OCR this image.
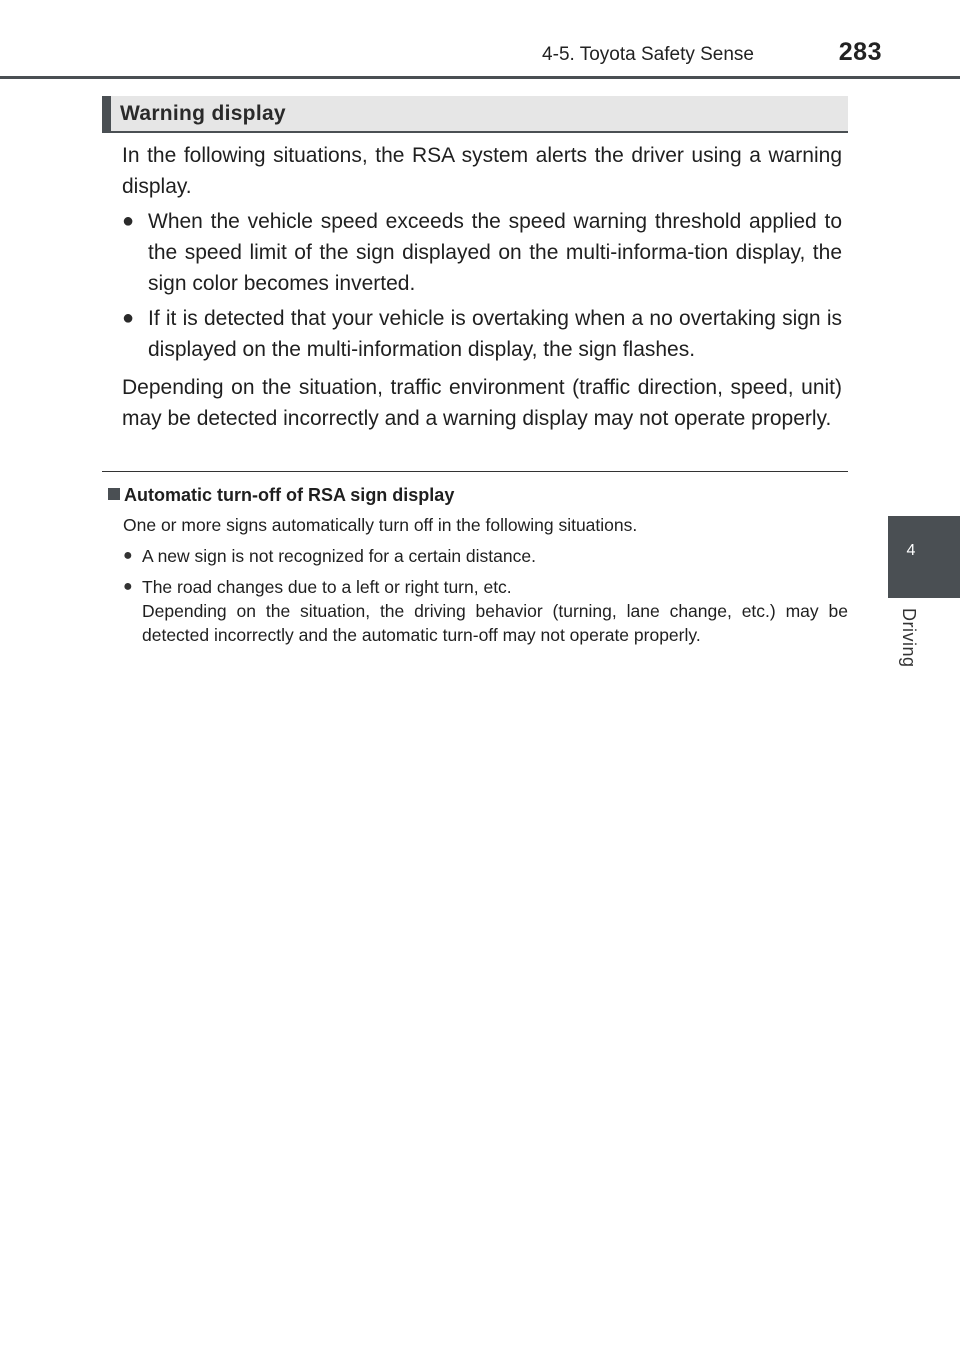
4-5. Toyota Safety Sense	283
4
Driving
Warning display

In the following situations, the RSA system alerts the driver using a warning display.

● When the vehicle speed exceeds the speed warning threshold applied to the speed limit of the sign displayed on the multi-informa-tion display, the sign color becomes inverted.
● If it is detected that your vehicle is overtaking when a no overtaking sign is displayed on the multi-information display, the sign flashes.

Depending on the situation, traffic environment (traffic direction, speed, unit) may be detected incorrectly and a warning display may not operate properly.

Automatic turn-off of RSA sign display
One or more signs automatically turn off in the following situations.
● A new sign is not recognized for a certain distance.
● The road changes due to a left or right turn, etc.
Depending on the situation, the driving behavior (turning, lane change, etc.) may be detected incorrectly and the automatic turn-off may not operate properly.
